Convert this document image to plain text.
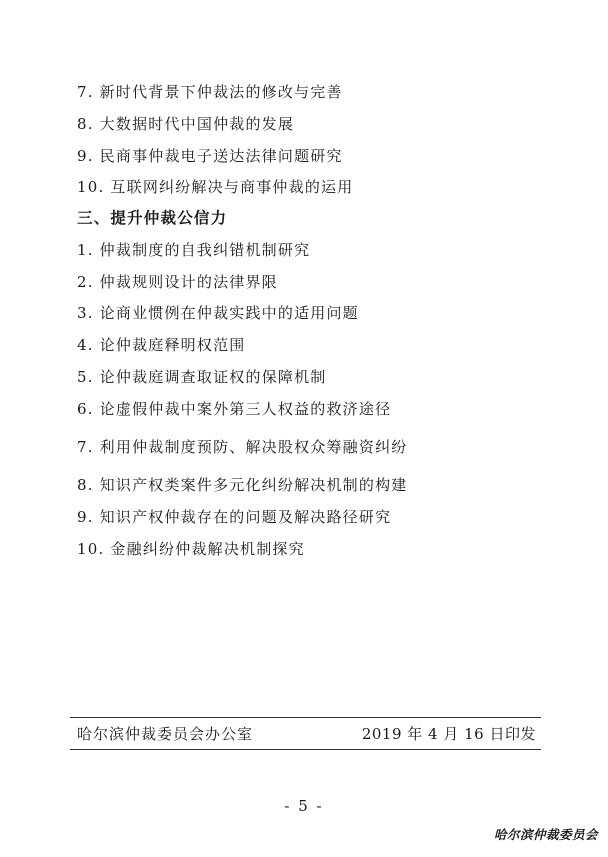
7. 新时代背景下仲裁法的修改与完善
8. 大数据时代中国仲裁的发展
9. 民商事仲裁电子送达法律问题研究
10. 互联网纠纷解决与商事仲裁的运用
三、提升仲裁公信力
1. 仲裁制度的自我纠错机制研究
2. 仲裁规则设计的法律界限
3. 论商业惯例在仲裁实践中的适用问题
4. 论仲裁庭释明权范围
5. 论仲裁庭调查取证权的保障机制
6. 论虚假仲裁中案外第三人权益的救济途径
7. 利用仲裁制度预防、解决股权众筹融资纠纷
8. 知识产权类案件多元化纠纷解决机制的构建
9. 知识产权仲裁存在的问题及解决路径研究
10. 金融纠纷仲裁解决机制探究
哈尔滨仲裁委员会办公室	2019 年 4 月 16 日印发
- 5 -
哈尔滨仲裁委员会
